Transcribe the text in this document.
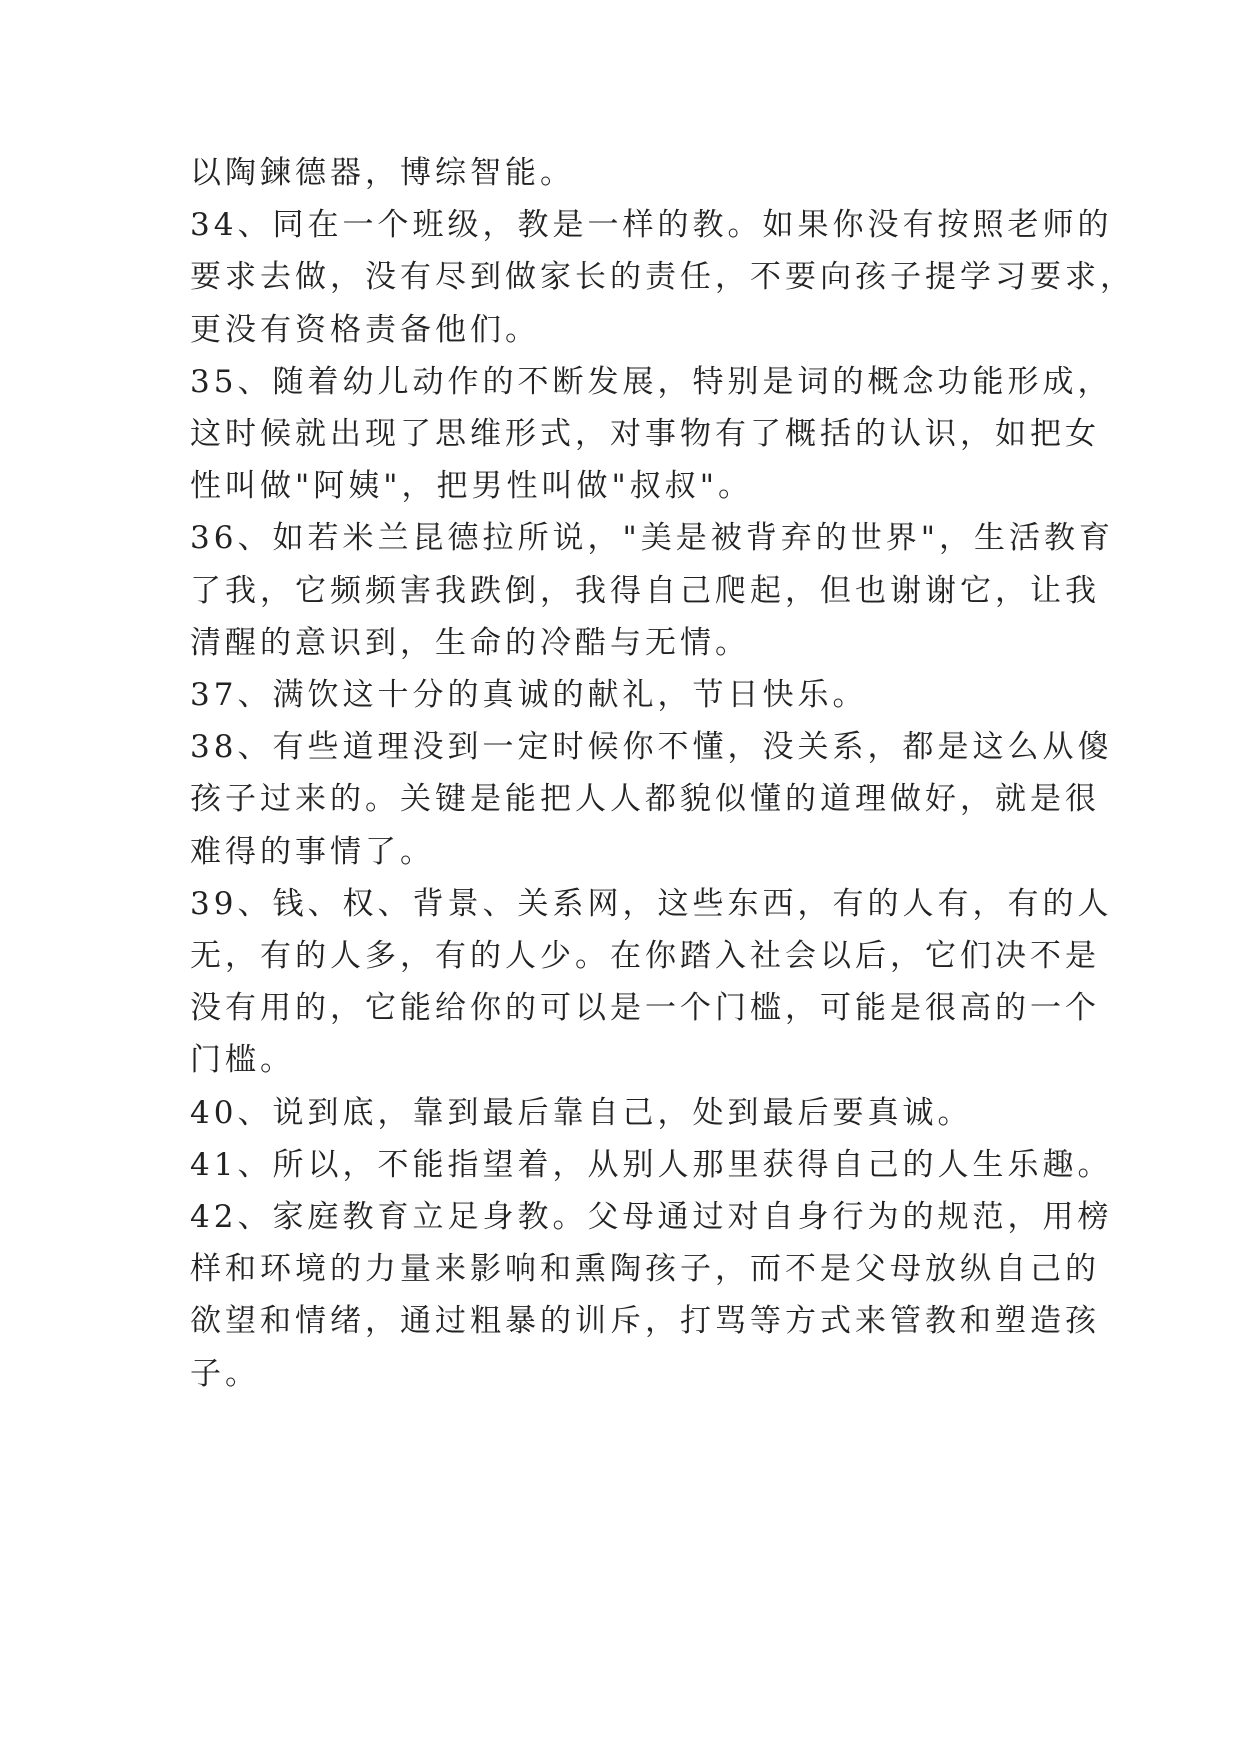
以陶鍊德器，博综智能。
34、同在一个班级，教是一样的教。如果你没有按照老师的
要求去做，没有尽到做家长的责任，不要向孩子提学习要求，
更没有资格责备他们。
35、随着幼儿动作的不断发展，特别是词的概念功能形成，
这时候就出现了思维形式，对事物有了概括的认识，如把女
性叫做"阿姨"，把男性叫做"叔叔"。
36、如若米兰昆德拉所说，"美是被背弃的世界"，生活教育
了我，它频频害我跌倒，我得自己爬起，但也谢谢它，让我
清醒的意识到，生命的冷酷与无情。
37、满饮这十分的真诚的献礼，节日快乐。
38、有些道理没到一定时候你不懂，没关系，都是这么从傻
孩子过来的。关键是能把人人都貌似懂的道理做好，就是很
难得的事情了。
39、钱、权、背景、关系网，这些东西，有的人有，有的人
无，有的人多，有的人少。在你踏入社会以后，它们决不是
没有用的，它能给你的可以是一个门槛，可能是很高的一个
门槛。
40、说到底，靠到最后靠自己，处到最后要真诚。
41、所以，不能指望着，从别人那里获得自己的人生乐趣。
42、家庭教育立足身教。父母通过对自身行为的规范，用榜
样和环境的力量来影响和熏陶孩子，而不是父母放纵自己的
欲望和情绪，通过粗暴的训斥，打骂等方式来管教和塑造孩
子。
